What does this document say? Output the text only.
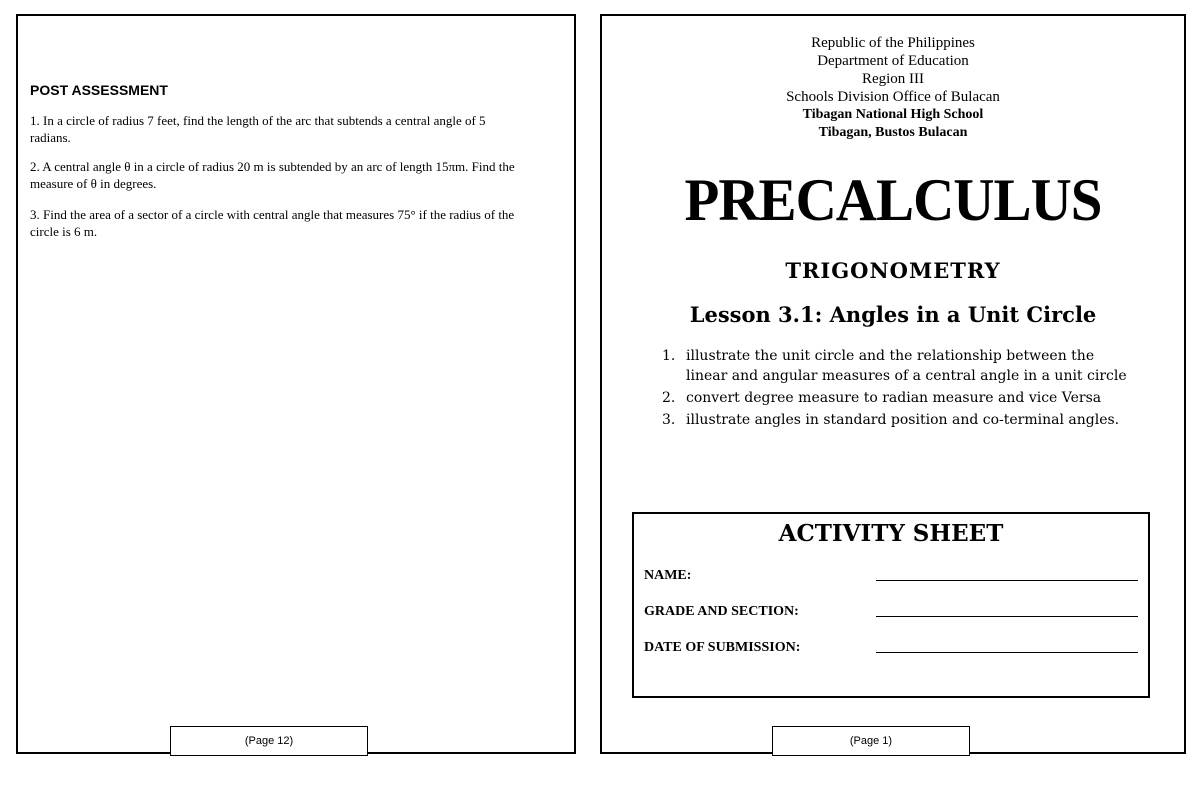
POST ASSESSMENT
1. In a circle of radius 7 feet, find the length of the arc that subtends a central angle of 5 radians.
2. A central angle θ in a circle of radius 20 m is subtended by an arc of length 15πm. Find the measure of θ in degrees.
3. Find the area of a sector of a circle with central angle that measures 75° if the radius of the circle is 6 m.
(Page 12)
Republic of the Philippines
Department of Education
Region III
Schools Division Office of Bulacan
Tibagan National High School
Tibagan, Bustos Bulacan
PRECALCULUS
TRIGONOMETRY
Lesson 3.1: Angles in a Unit Circle
1. illustrate the unit circle and the relationship between the linear and angular measures of a central angle in a unit circle
2. convert degree measure to radian measure and vice Versa
3. illustrate angles in standard position and co-terminal angles.
ACTIVITY SHEET
NAME:
GRADE AND SECTION:
DATE OF SUBMISSION:
(Page 1)
